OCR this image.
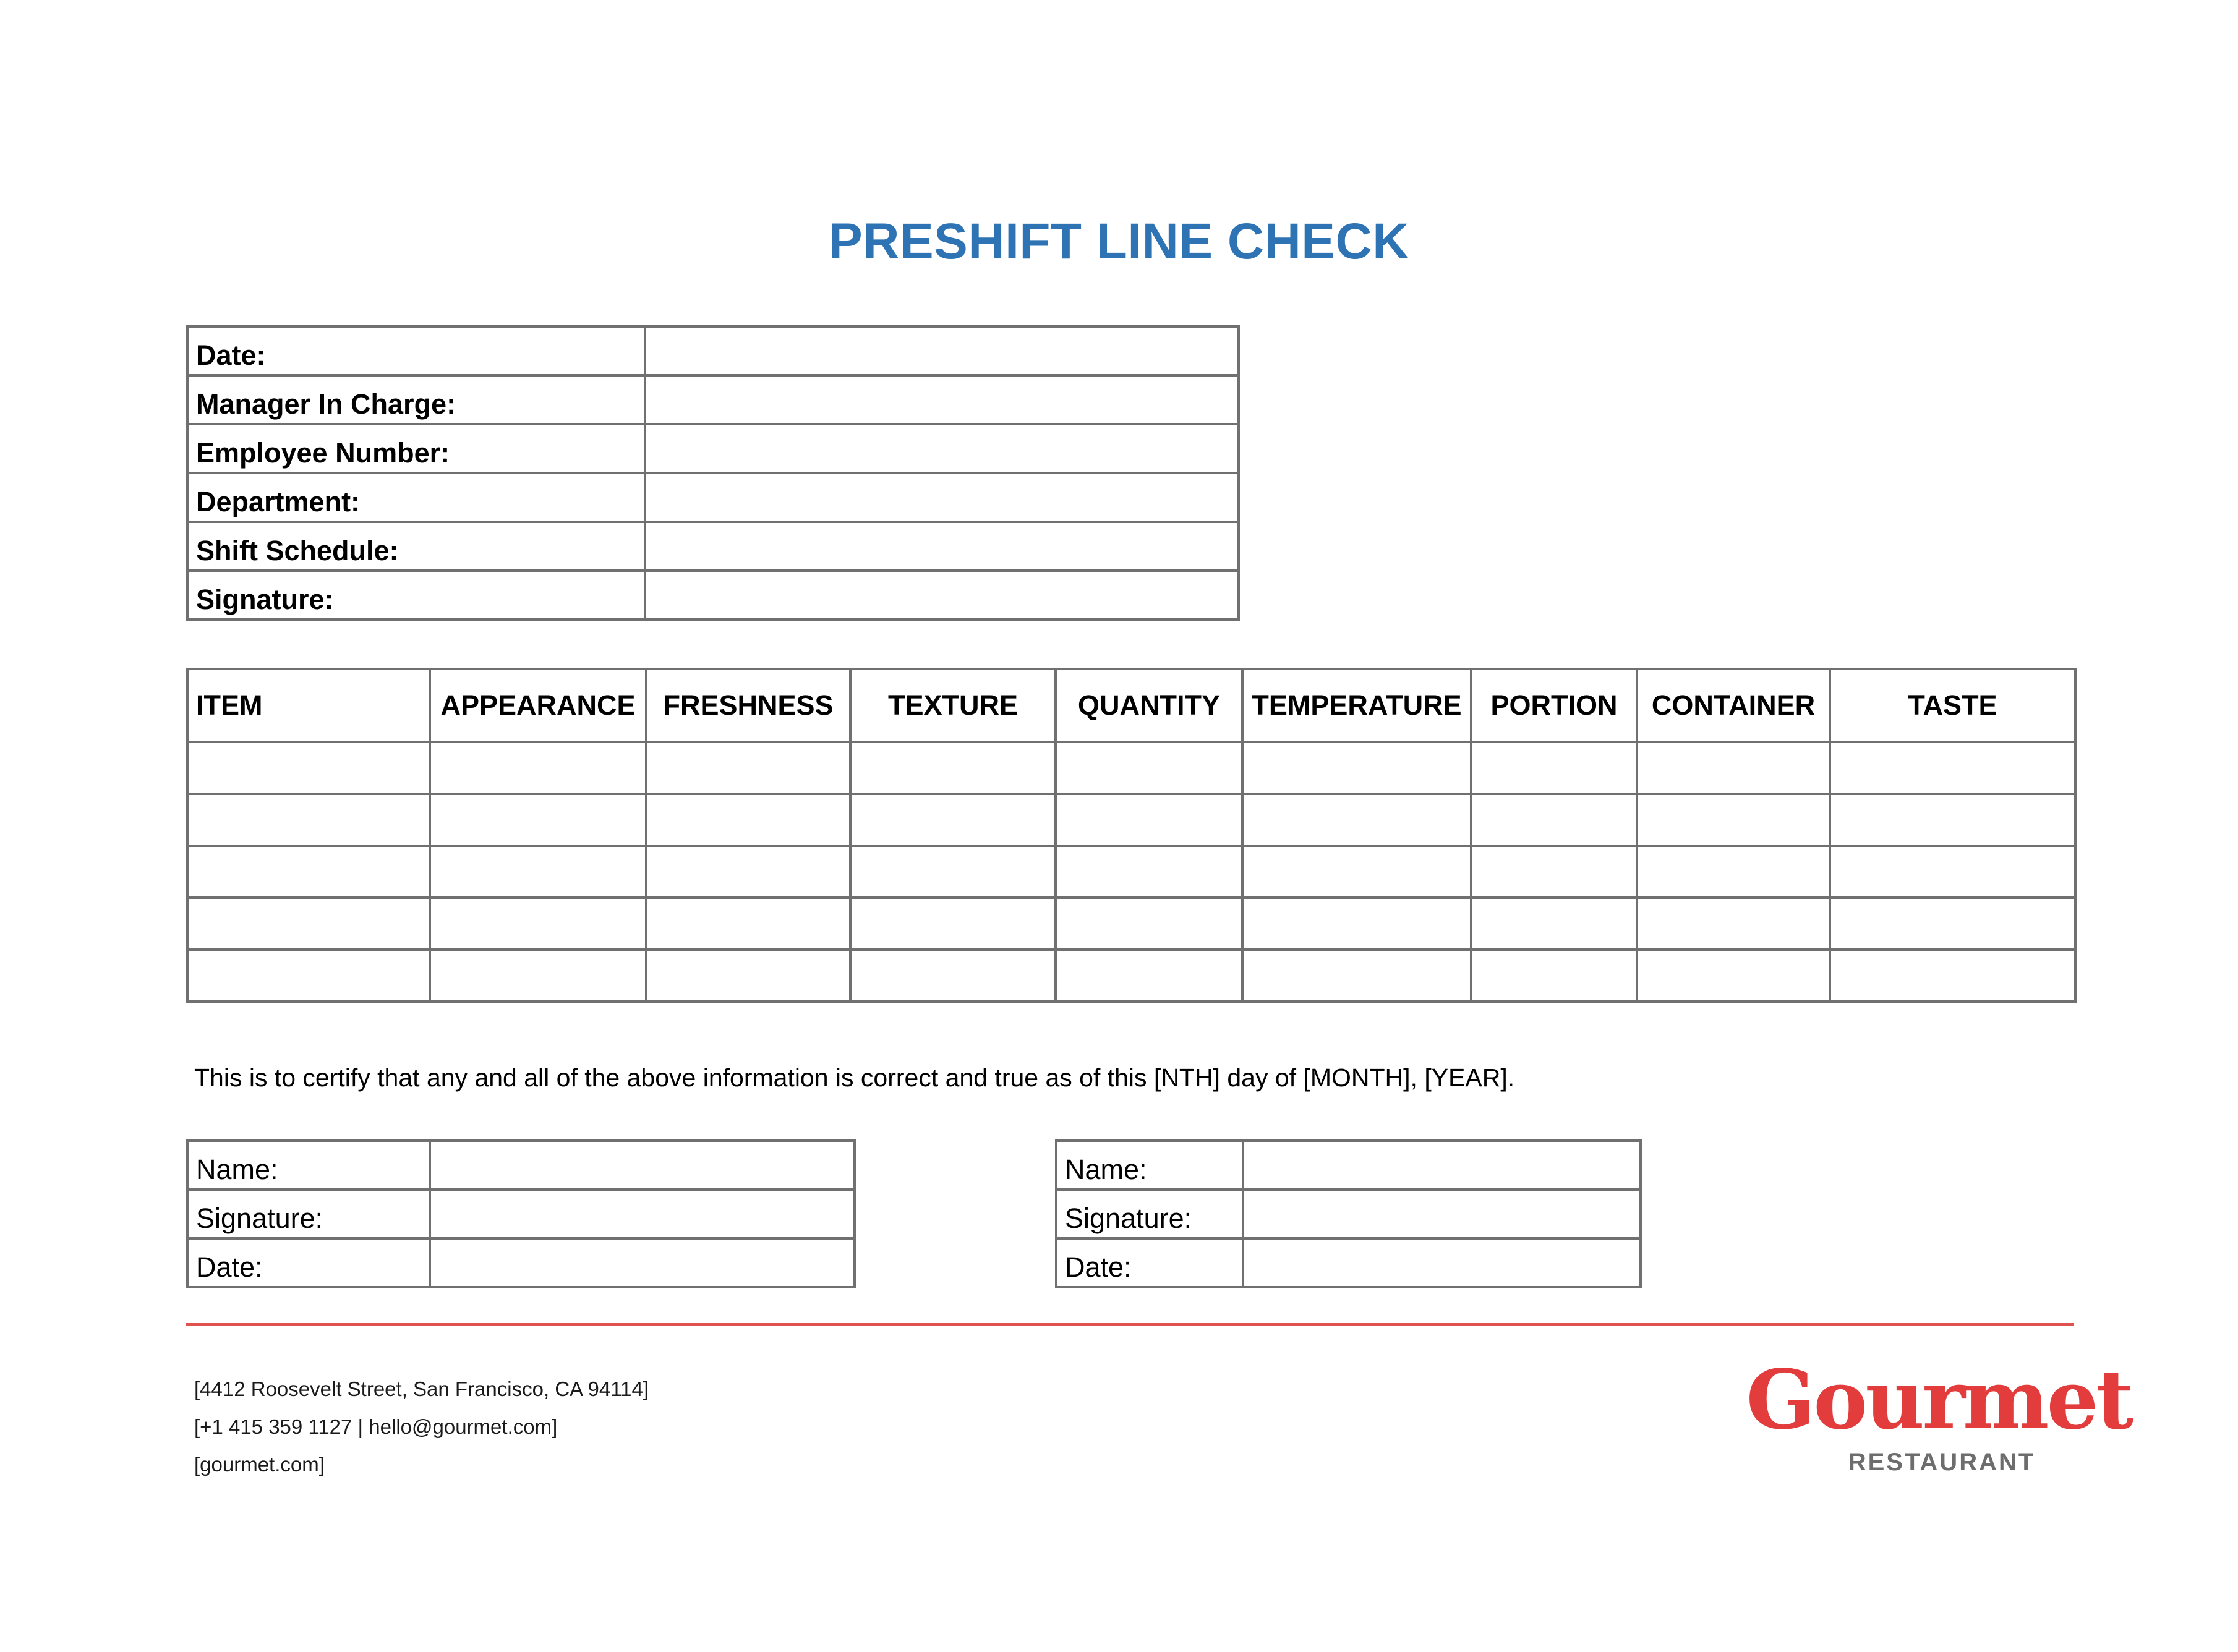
PRESHIFT LINE CHECK
Date:	
Manager In Charge:	
Employee Number:	
Department:	
Shift Schedule:	
Signature:	
ITEM	APPEARANCE	FRESHNESS	TEXTURE	QUANTITY	TEMPERATURE	PORTION	CONTAINER	TASTE

This is to certify that any and all of the above information is correct and true as of this [NTH] day of [MONTH], [YEAR].
Name:	
Signature:	
Date:	
Name:	
Signature:	
Date:	
[4412 Roosevelt Street, San Francisco, CA 94114]
[+1 415 359 1127 | hello@gourmet.com]
[gourmet.com]
Gourmet
RESTAURANT
